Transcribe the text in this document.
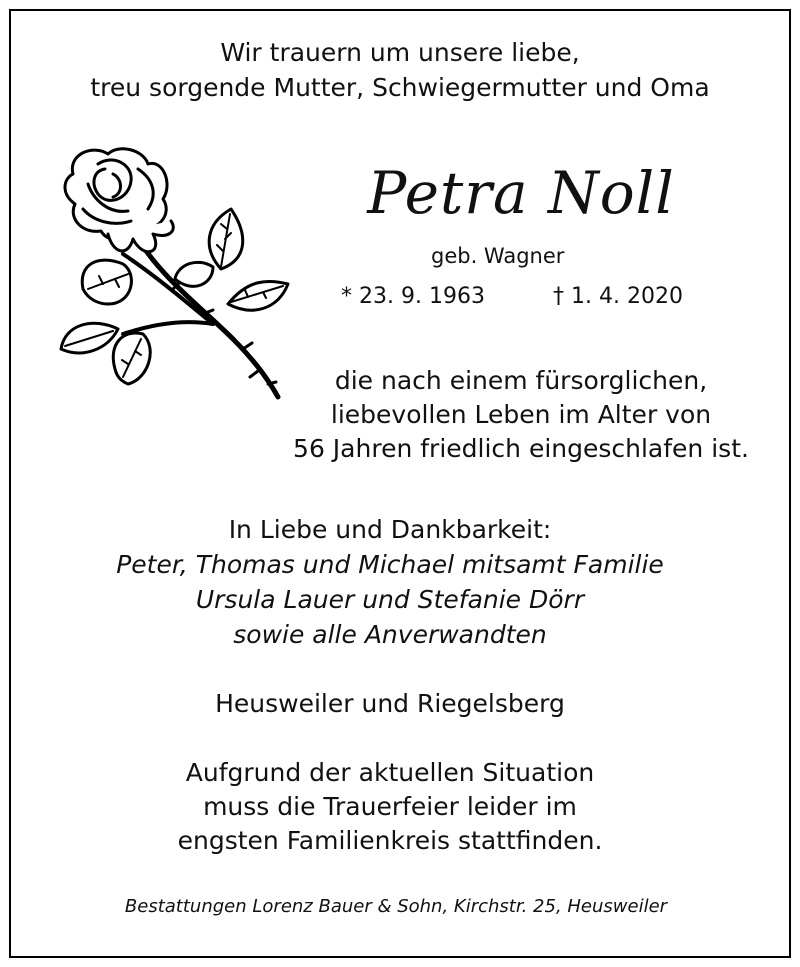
Wir trauern um unsere liebe,
treu sorgende Mutter, Schwiegermutter und Oma
Petra Noll
geb. Wagner
* 23. 9. 1963	† 1. 4. 2020
die nach einem fürsorglichen,
liebevollen Leben im Alter von
56 Jahren friedlich eingeschlafen ist.
In Liebe und Dankbarkeit:
Peter, Thomas und Michael mitsamt Familie
Ursula Lauer und Stefanie Dörr
sowie alle Anverwandten
Heusweiler und Riegelsberg
Aufgrund der aktuellen Situation
muss die Trauerfeier leider im
engsten Familienkreis stattfinden.
Bestattungen Lorenz Bauer & Sohn, Kirchstr. 25, Heusweiler
